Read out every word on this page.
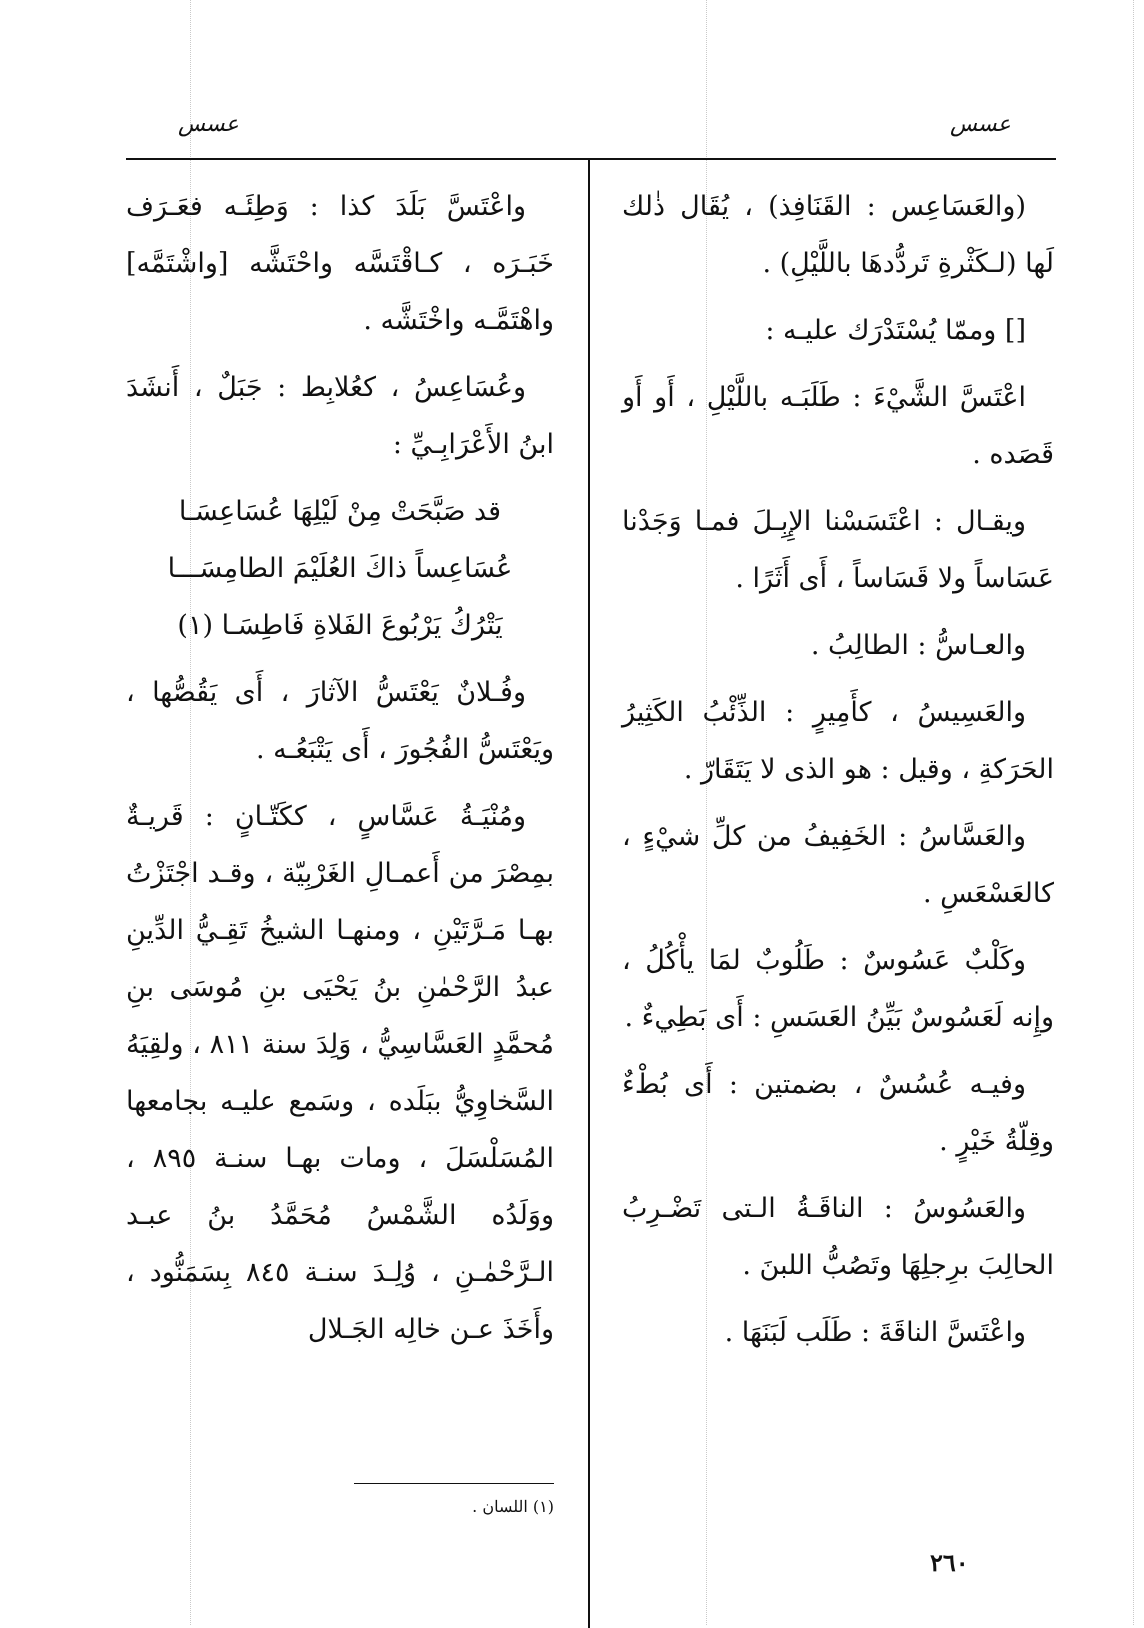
عسس
عسس

(والعَسَاعِس : القَنَافِذ) ، يُقَال ذٰلك لَها (لـكَثْرةِ تَردُّدهَا باللَّيْلِ) .

[] وممّا يُسْتَدْرَك عليـه :

اعْتَسَّ الشَّيْءَ : طَلَبَـه باللَّيْلِ ، أَو أَو قَصَده .

ويقـال : اعْتَسَسْنا الإِبِـلَ فمـا وَجَدْنا عَسَاساً ولا قَسَاساً ، أَى أَثَرًا .

والعـاسُّ : الطالِبُ .

والعَسِيسُ ، كأَمِيرٍ : الذِّئْبُ الكَثِيرُ الحَرَكةِ ، وقيل : هو الذى لا يَتَقَارّ .

والعَسَّاسُ : الخَفِيفُ من كلِّ شيْءٍ ، كالعَسْعَسِ .

وكَلْبٌ عَسُوسٌ : طَلُوبٌ لمَا يأْكُلُ ، وإِنه لَعَسُوسٌ بَيِّنُ العَسَسِ : أَى بَطِيءٌ .

وفيـه عُسُسٌ ، بضمتين : أَى بُطْءٌ وقِلّةُ خَيْرٍ .

والعَسُوسُ : الناقَـةُ الـتى تَضْـرِبُ الحالِبَ برِجلِهَا وتَصُبُّ اللبنَ .

واعْتَسَّ الناقَةَ : طَلَب لَبَنَهَا .

واعْتَسَّ بَلَدَ كذا : وَطِئَـه فعَـرَف خَبَـرَه ، كـاقْتَسَّه واحْتَشَّه [واشْتَمَّه] واهْتَمَّـه واخْتَشَّه .

وعُسَاعِسُ ، كعُلابِط : جَبَلٌ ، أَنشَدَ ابنُ الأَعْرَابِـيِّ :

قد صَبَّحَتْ مِنْ لَيْلِهَا عُسَاعِسَـا

عُسَاعِساً ذاكَ العُلَيْمَ الطامِسَـــا

يَتْرُكُ يَرْبُوعَ الفَلاةِ فَاطِسَـا (١)

وفُـلانٌ يَعْتَسُّ الآثارَ ، أَى يَقُصُّها ، ويَعْتَسُّ الفُجُورَ ، أَى يَتْبَعُـه .

ومُنْيَـةُ عَسَّاسٍ ، ككَتّـانٍ : قَريـةٌ بمِصْرَ من أَعمـالِ الغَرْبِيّة ، وقـد اجْتَزْتُ بهـا مَـرَّتَيْنِ ، ومنهـا الشيخُ تَقِـيُّ الدِّينِ عبدُ الرَّحْمٰنِ بنُ يَحْيَى بنِ مُوسَى بنِ مُحمَّدٍ العَسَّاسِيُّ ، وَلِدَ سنة ٨١١ ، ولقِيَهُ السَّخاوِيُّ ببَلَده ، وسَمع عليـه بجامعها المُسَلْسَلَ ، ومات بهـا سنـة ٨٩٥ ، ووَلَدُه الشَّمْسُ مُحَمَّدُ بنُ عبـد الـرَّحْمٰـنِ ، وُلِـدَ سنـة ٨٤٥ بِسَمَنُّود ، وأَخَذَ عـن خالِه الجَـلال

(١) اللسان .
٢٦٠
